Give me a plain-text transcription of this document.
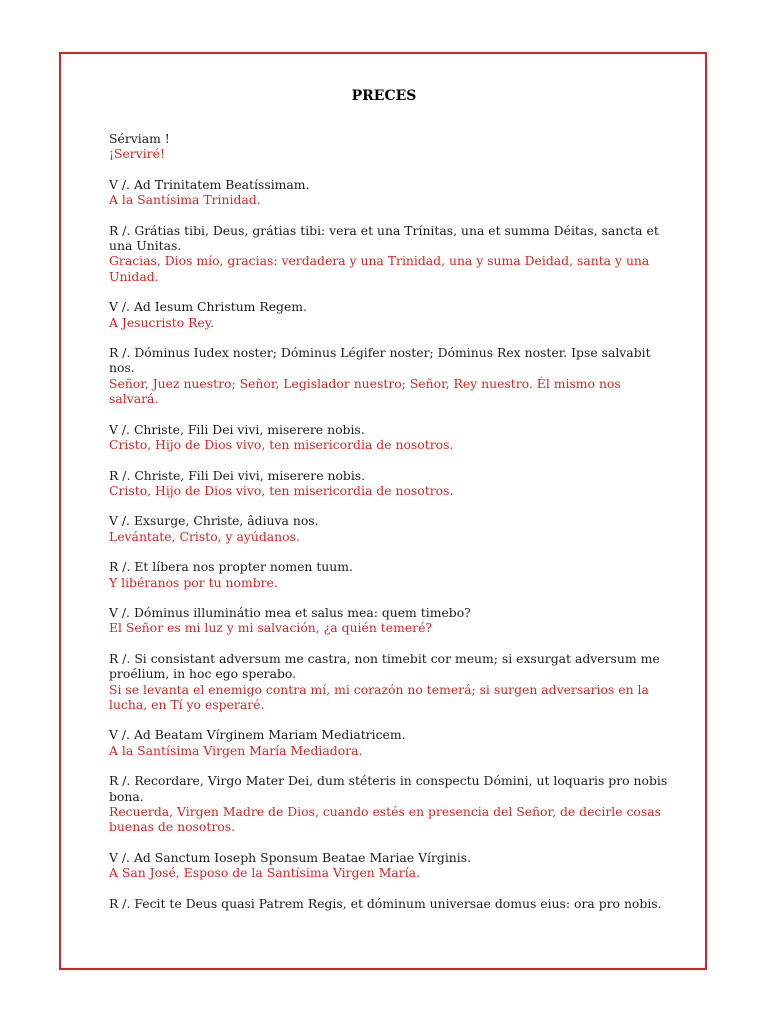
PRECES
Sérviam !
¡Serviré!
V /. Ad Trinitatem Beatíssimam.
A la Santísima Trinidad.
R /. Grátias tibi, Deus, grátias tibi: vera et una Trínitas, una et summa Déitas, sancta et una Unitas.
Gracias, Dios mío, gracias: verdadera y una Trinidad, una y suma Deidad, santa y una Unidad.
V /. Ad Iesum Christum Regem.
A Jesucristo Rey.
R /. Dóminus Iudex noster; Dóminus Légifer noster; Dóminus Rex noster. Ipse salvabit nos.
Señor, Juez nuestro; Señor, Legislador nuestro; Señor, Rey nuestro. Él mismo nos salvará.
V /. Christe, Fili Dei vivi, miserere nobis.
Cristo, Hijo de Dios vivo, ten misericordia de nosotros.
R /. Christe, Fili Dei vivi, miserere nobis.
Cristo, Hijo de Dios vivo, ten misericordia de nosotros.
V /. Exsurge, Christe, âdiuva nos.
Levántate, Cristo, y ayúdanos.
R /. Et líbera nos propter nomen tuum.
Y libéranos por tu nombre.
V /. Dóminus illuminátio mea et salus mea: quem timebo?
El Señor es mi luz y mi salvación, ¿a quién temeré?
R /. Si consistant adversum me castra, non timebit cor meum; si exsurgat adversum me proélium, in hoc ego sperabo.
Si se levanta el enemigo contra mí, mi corazón no temerá; si surgen adversarios en la lucha, en Tí yo esperaré.
V /. Ad Beatam Vírginem Mariam Mediatricem.
A la Santísima Virgen María Mediadora.
R /. Recordare, Virgo Mater Dei, dum stéteris in conspectu Dómini, ut loquaris pro nobis bona.
Recuerda, Virgen Madre de Dios, cuando estés en presencia del Señor, de decirle cosas buenas de nosotros.
V /. Ad Sanctum Ioseph Sponsum Beatae Mariae Vírginis.
A San José, Esposo de la Santísima Virgen María.
R /. Fecit te Deus quasi Patrem Regis, et dóminum universae domus eius: ora pro nobis.
